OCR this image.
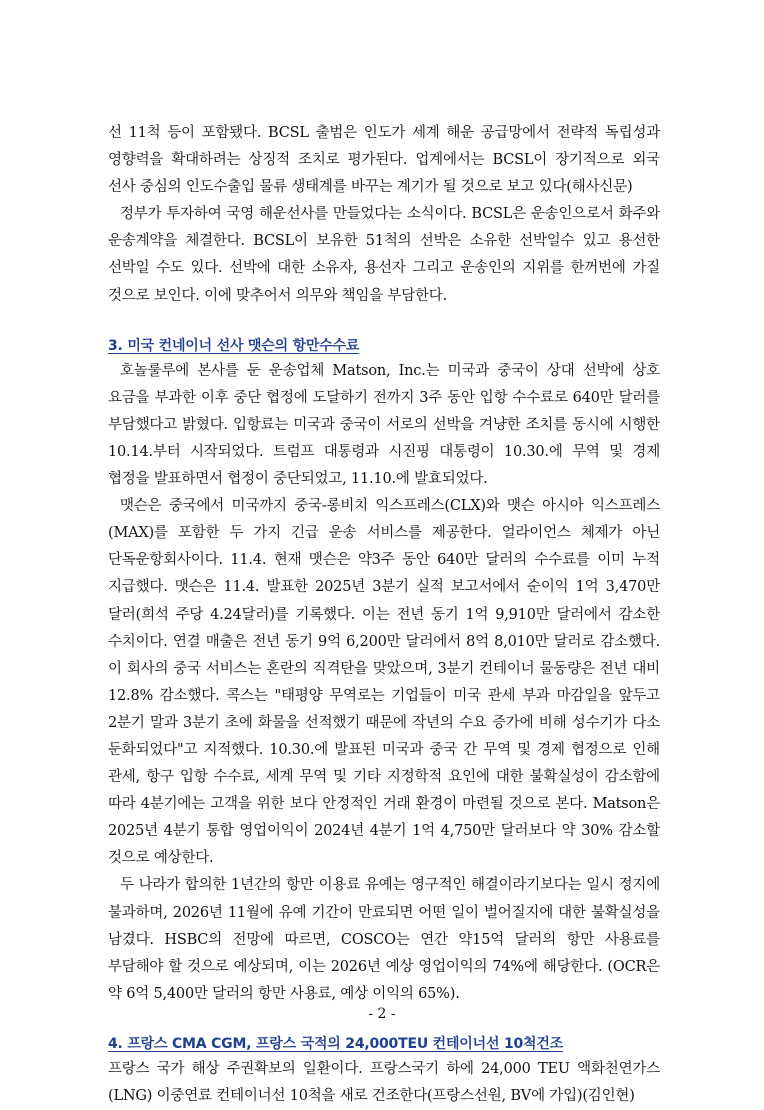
선 11척 등이 포함됐다. BCSL 출범은 인도가 세계 해운 공급망에서 전략적 독립성과 영향력을 확대하려는 상징적 조치로 평가된다. 업계에서는 BCSL이 장기적으로 외국 선사 중심의 인도수출입 물류 생태계를 바꾸는 계기가 될 것으로 보고 있다(해사신문)

정부가 투자하여 국영 해운선사를 만들었다는 소식이다. BCSL은 운송인으로서 화주와 운송계약을 체결한다. BCSL이 보유한 51척의 선박은 소유한 선박일수 있고 용선한 선박일 수도 있다. 선박에 대한 소유자, 용선자 그리고 운송인의 지위를 한꺼번에 가질 것으로 보인다. 이에 맞추어서 의무와 책임을 부담한다.

3. 미국 컨네이너 선사 맷슨의 항만수수료

호놀룰루에 본사를 둔 운송업체 Matson, Inc.는 미국과 중국이 상대 선박에 상호 요금을 부과한 이후 중단 협정에 도달하기 전까지 3주 동안 입항 수수료로 640만 달러를 부담했다고 밝혔다. 입항료는 미국과 중국이 서로의 선박을 겨냥한 조치를 동시에 시행한 10.14.부터 시작되었다. 트럼프 대통령과 시진핑 대통령이 10.30.에 무역 및 경제 협정을 발표하면서 협정이 중단되었고, 11.10.에 발효되었다.

맷슨은 중국에서 미국까지 중국-롱비치 익스프레스(CLX)와 맷슨 아시아 익스프레스(MAX)를 포함한 두 가지 긴급 운송 서비스를 제공한다. 얼라이언스 체제가 아닌 단독운항회사이다. 11.4. 현재 맷슨은 약3주 동안 640만 달러의 수수료를 이미 누적 지급했다. 맷슨은 11.4. 발표한 2025년 3분기 실적 보고서에서 순이익 1억 3,470만 달러(희석 주당 4.24달러)를 기록했다. 이는 전년 동기 1억 9,910만 달러에서 감소한 수치이다. 연결 매출은 전년 동기 9억 6,200만 달러에서 8억 8,010만 달러로 감소했다. 이 회사의 중국 서비스는 혼란의 직격탄을 맞았으며, 3분기 컨테이너 물동량은 전년 대비 12.8% 감소했다. 콕스는 "태평양 무역로는 기업들이 미국 관세 부과 마감일을 앞두고 2분기 말과 3분기 초에 화물을 선적했기 때문에 작년의 수요 증가에 비해 성수기가 다소 둔화되었다"고 지적했다. 10.30.에 발표된 미국과 중국 간 무역 및 경제 협정으로 인해 관세, 항구 입항 수수료, 세계 무역 및 기타 지정학적 요인에 대한 불확실성이 감소함에 따라 4분기에는 고객을 위한 보다 안정적인 거래 환경이 마련될 것으로 본다. Matson은 2025년 4분기 통합 영업이익이 2024년 4분기 1억 4,750만 달러보다 약 30% 감소할 것으로 예상한다.

두 나라가 합의한 1년간의 항만 이용료 유예는 영구적인 해결이라기보다는 일시 정지에 불과하며, 2026년 11월에 유예 기간이 만료되면 어떤 일이 벌어질지에 대한 불확실성을 남겼다. HSBC의 전망에 따르면, COSCO는 연간 약15억 달러의 항만 사용료를 부담해야 할 것으로 예상되며, 이는 2026년 예상 영업이익의 74%에 해당한다. (OCR은 약 6억 5,400만 달러의 항만 사용료, 예상 이익의 65%).

4. 프랑스 CMA CGM, 프랑스 국적의 24,000TEU 컨테이너선 10척건조

프랑스 국가 해상 주권확보의 일환이다. 프랑스국기 하에 24,000 TEU 액화천연가스(LNG) 이중연료 컨테이너선 10척을 새로 건조한다(프랑스선원, BV에 가입)(김인현)

- 2 -
